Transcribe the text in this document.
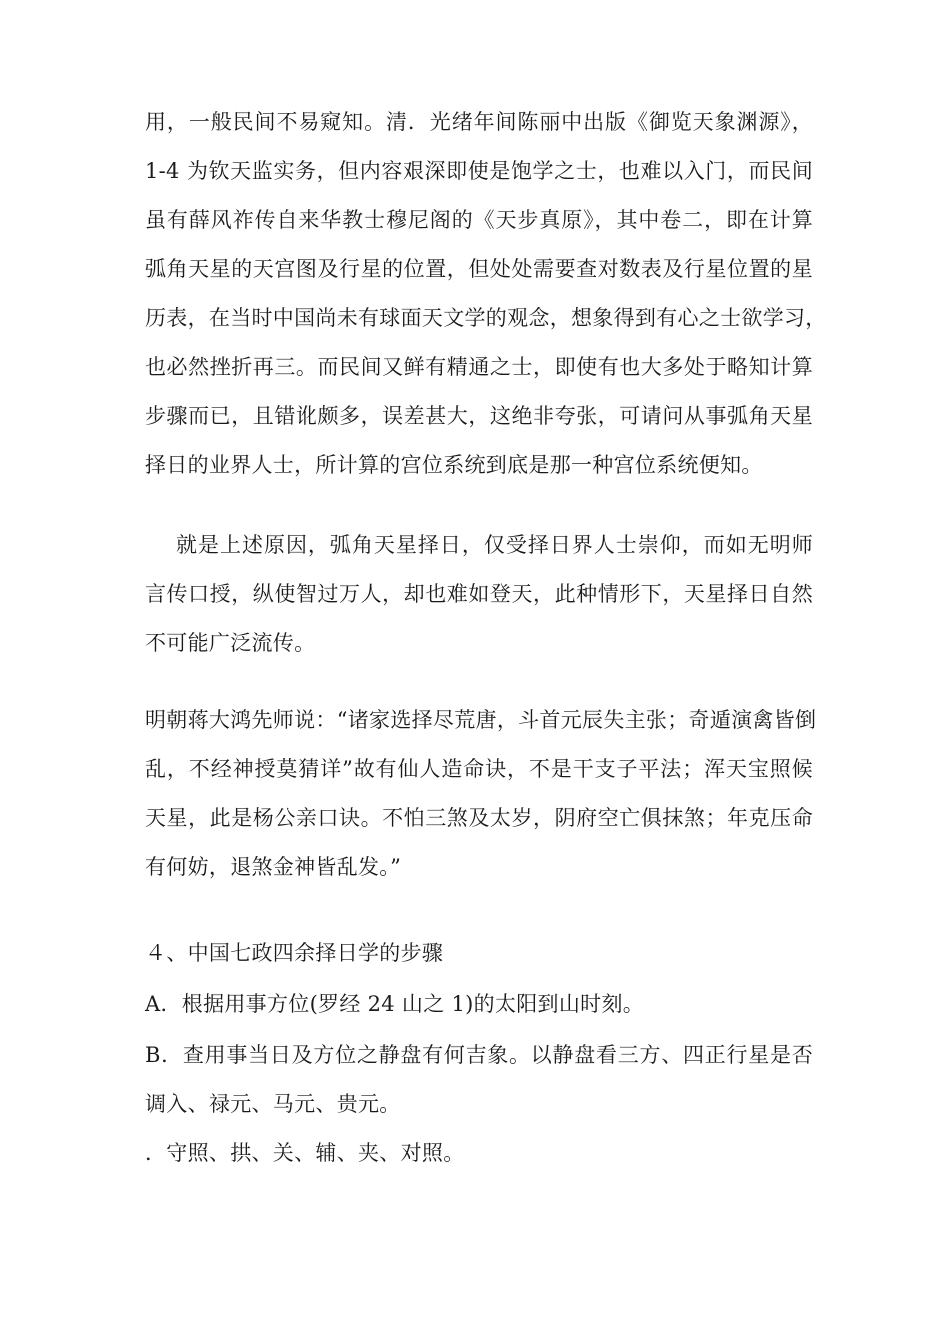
用，一般民间不易窥知。清．光绪年间陈丽中出版《御览天象渊源》，
1-4 为钦天监实务，但内容艰深即使是饱学之士，也难以入门，而民间
虽有薛风祚传自来华教士穆尼阁的《天步真原》，其中卷二，即在计算
弧角天星的天宫图及行星的位置，但处处需要查对数表及行星位置的星
历表，在当时中国尚未有球面天文学的观念，想象得到有心之士欲学习，
也必然挫折再三。而民间又鲜有精通之士，即使有也大多处于略知计算
步骤而已，且错讹颇多，误差甚大，这绝非夸张，可请问从事弧角天星
择日的业界人士，所计算的宫位系统到底是那一种宫位系统便知。
就是上述原因，弧角天星择日，仅受择日界人士崇仰，而如无明师
言传口授，纵使智过万人，却也难如登天，此种情形下，天星择日自然
不可能广泛流传。
明朝蒋大鸿先师说：“诸家选择尽荒唐，斗首元辰失主张；奇遁演禽皆倒
乱，不经神授莫猜详”故有仙人造命诀，不是干支子平法；浑天宝照候
天星，此是杨公亲口诀。不怕三煞及太岁，阴府空亡俱抹煞；年克压命
有何妨，退煞金神皆乱发。”
４、中国七政四余择日学的步骤
A．根据用事方位(罗经 24 山之 1)的太阳到山时刻。
B．查用事当日及方位之静盘有何吉象。以静盘看三方、四正行星是否
调入、禄元、马元、贵元。
．守照、拱、关、辅、夹、对照。
